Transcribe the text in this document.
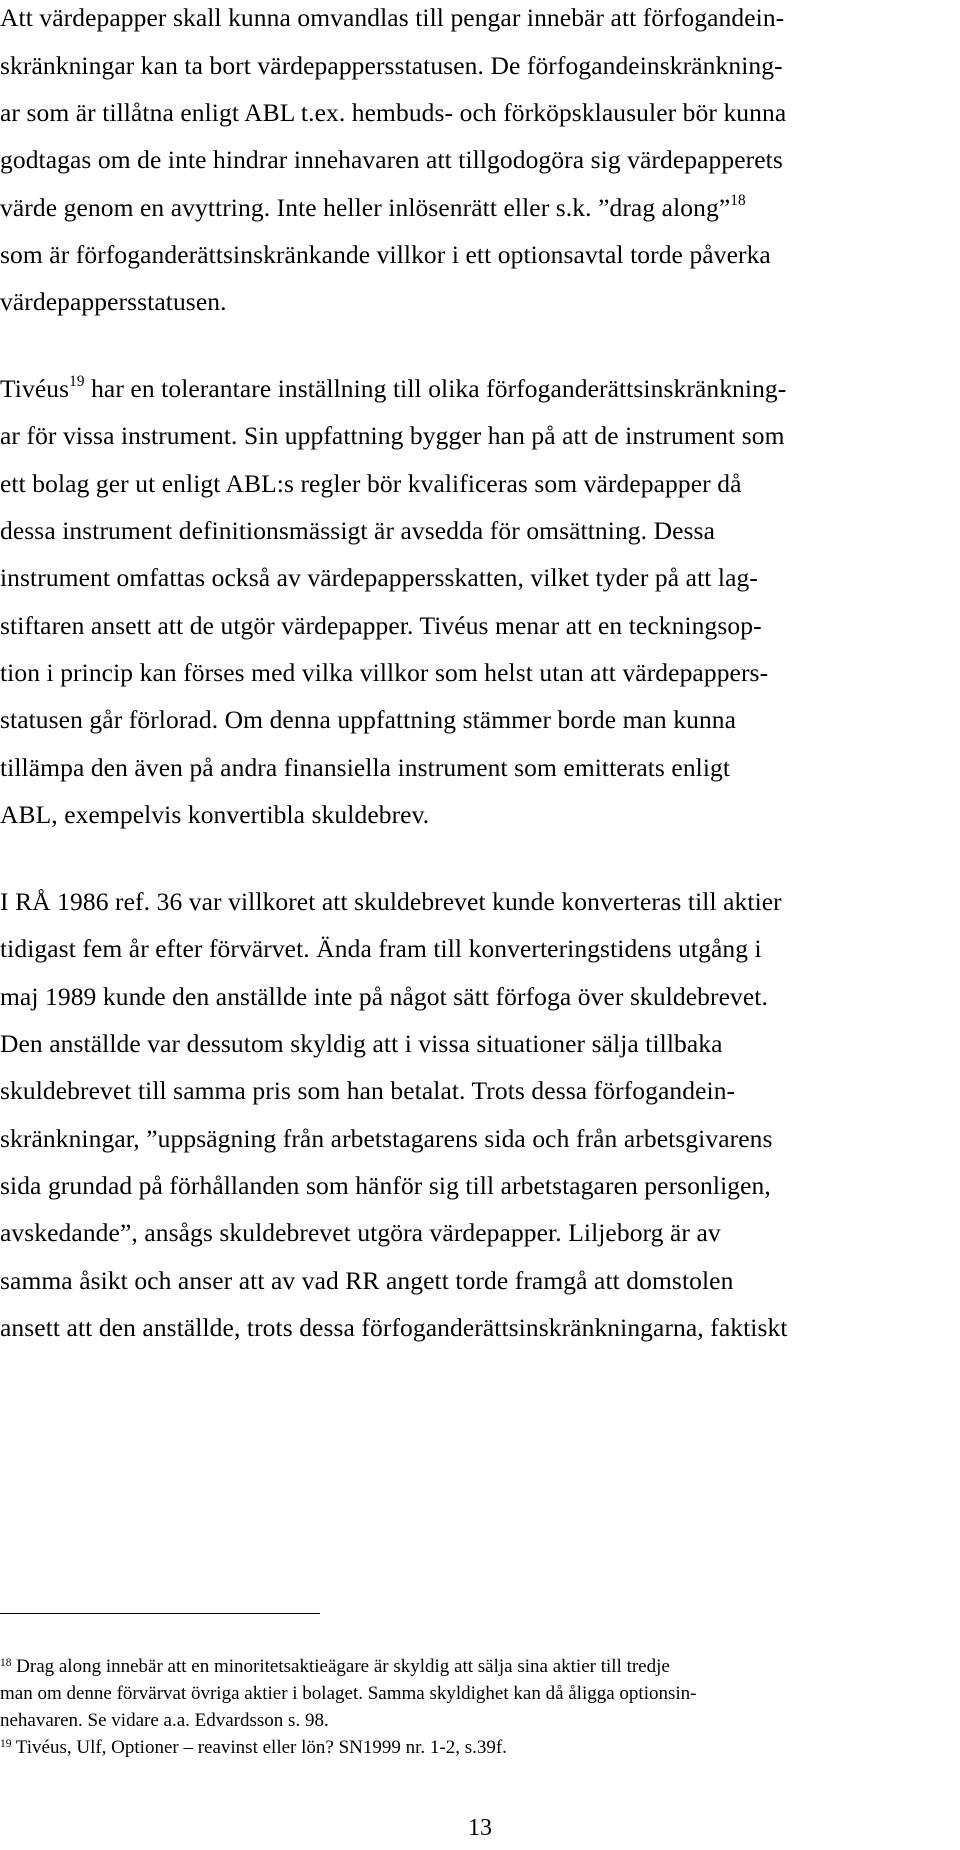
Att värdepapper skall kunna omvandlas till pengar innebär att förfogandein-
skränkningar kan ta bort värdepappersstatusen. De förfogandeinskränkning-
ar som är tillåtna enligt ABL t.ex. hembuds- och förköpsklausuler bör kunna
godtagas om de inte hindrar innehavaren att tillgodogöra sig värdepapperets
värde genom en avyttring. Inte heller inlösenrätt eller s.k. ”drag along”$^{18}$
som är förfoganderättsinskränkande villkor i ett optionsavtal torde påverka
värdepappersstatusen.
Tivéus$^{19}$ har en tolerantare inställning till olika förfoganderättsinskränkning-
ar för vissa instrument. Sin uppfattning bygger han på att de instrument som
ett bolag ger ut enligt ABL:s regler bör kvalificeras som värdepapper då
dessa instrument definitionsmässigt är avsedda för omsättning. Dessa
instrument omfattas också av värdepappersskatten, vilket tyder på att lag-
stiftaren ansett att de utgör värdepapper. Tivéus menar att en teckningsop-
tion i princip kan förses med vilka villkor som helst utan att värdepappers-
statusen går förlorad. Om denna uppfattning stämmer borde man kunna
tillämpa den även på andra finansiella instrument som emitterats enligt
ABL, exempelvis konvertibla skuldebrev.
I RÅ 1986 ref. 36 var villkoret att skuldebrevet kunde konverteras till aktier
tidigast fem år efter förvärvet. Ända fram till konverteringstidens utgång i
maj 1989 kunde den anställde inte på något sätt förfoga över skuldebrevet.
Den anställde var dessutom skyldig att i vissa situationer sälja tillbaka
skuldebrevet till samma pris som han betalat. Trots dessa förfogandein-
skränkningar, ”uppsägning från arbetstagarens sida och från arbetsgivarens
sida grundad på förhållanden som hänför sig till arbetstagaren personligen,
avskedande”, ansågs skuldebrevet utgöra värdepapper. Liljeborg är av
samma åsikt och anser att av vad RR angett torde framgå att domstolen
ansett att den anställde, trots dessa förfoganderättsinskränkningarna, faktiskt
$^{18}$ Drag along innebär att en minoritetsaktieägare är skyldig att sälja sina aktier till tredje
man om denne förvärvat övriga aktier i bolaget. Samma skyldighet kan då åligga optionsin-
nehavaren. Se vidare a.a. Edvardsson s. 98.
$^{19}$ Tivéus, Ulf, Optioner – reavinst eller lön? SN1999 nr. 1-2, s.39f.
13
